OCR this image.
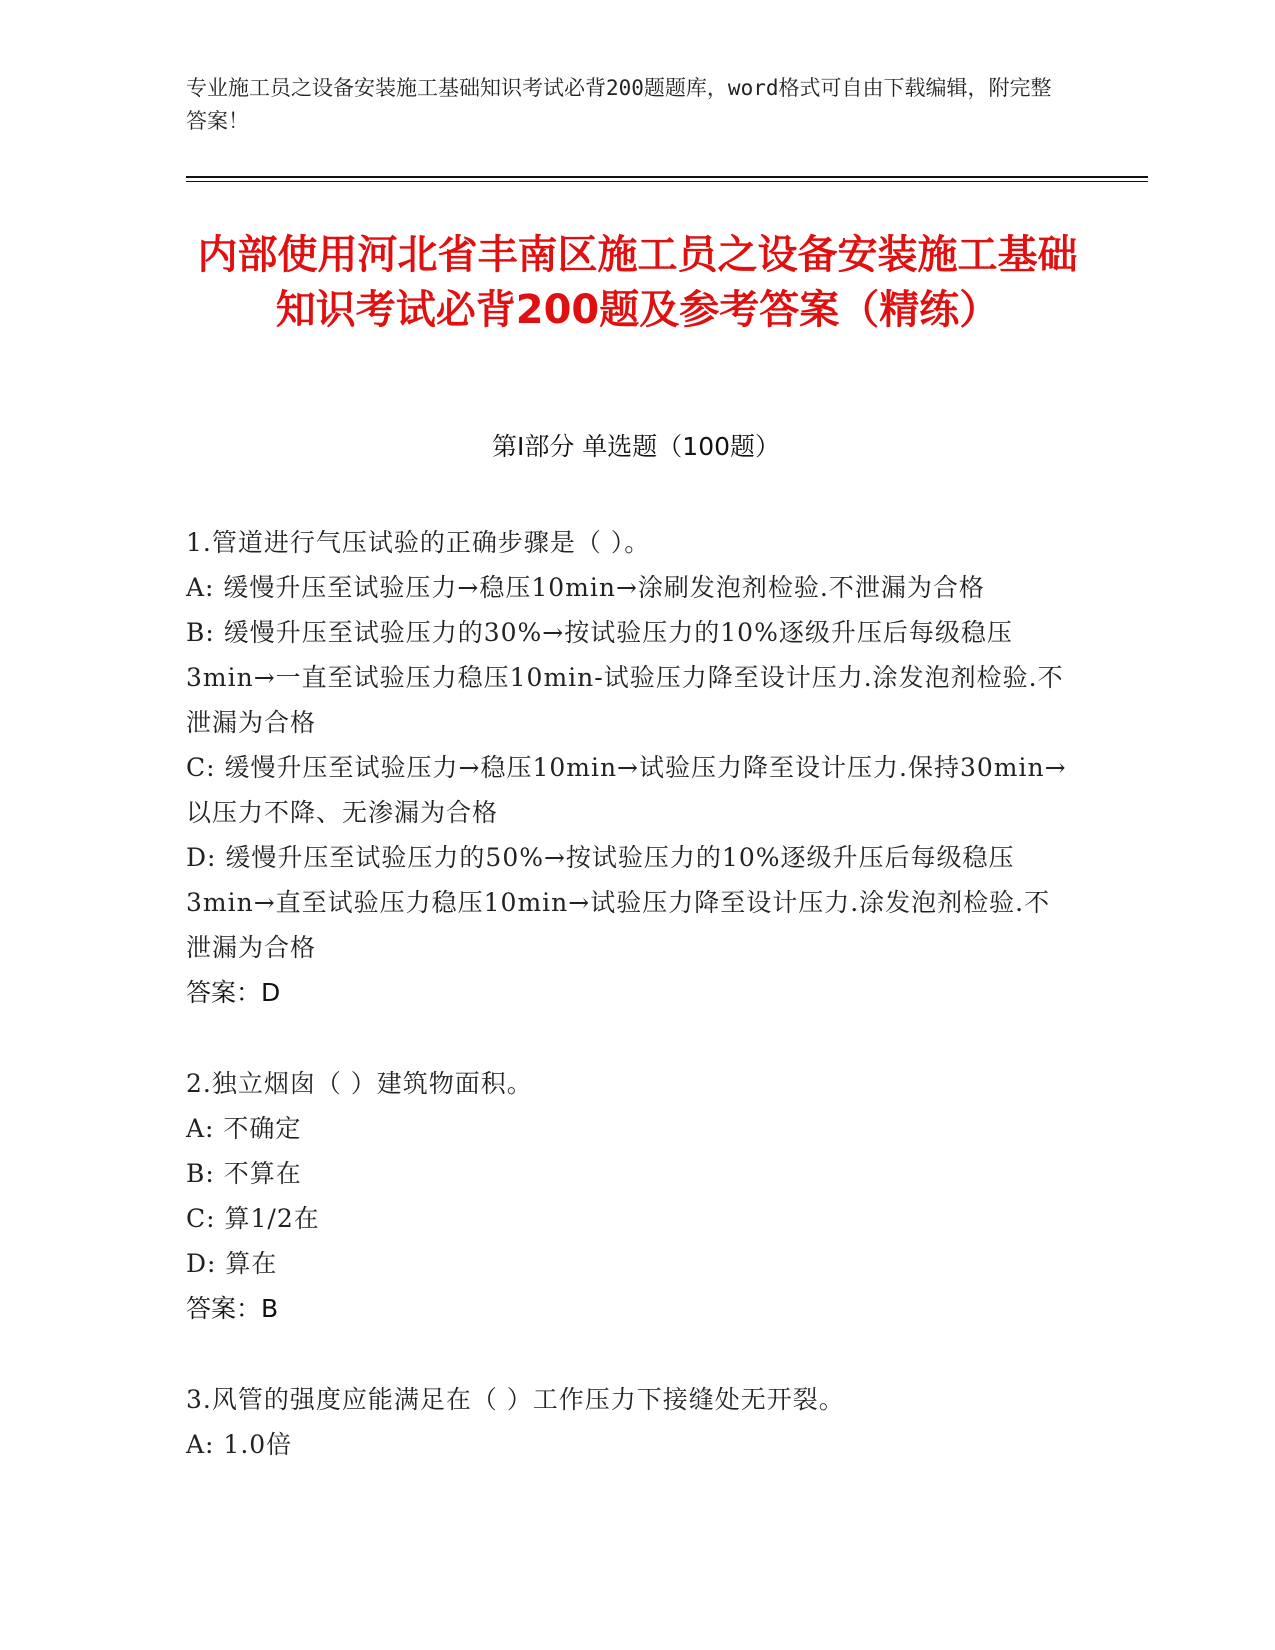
专业施工员之设备安装施工基础知识考试必背200题题库，word格式可自由下载编辑，附完整答案！
内部使用河北省丰南区施工员之设备安装施工基础知识考试必背200题及参考答案（精练）
第Ⅰ部分 单选题（100题）

1.管道进行气压试验的正确步骤是（ ）。

A: 缓慢升压至试验压力→稳压10min→涂刷发泡剂检验.不泄漏为合格

B: 缓慢升压至试验压力的30%→按试验压力的10%逐级升压后每级稳压3min→一直至试验压力稳压10min-试验压力降至设计压力.涂发泡剂检验.不泄漏为合格

C: 缓慢升压至试验压力→稳压10min→试验压力降至设计压力.保持30min→以压力不降、无渗漏为合格

D: 缓慢升压至试验压力的50%→按试验压力的10%逐级升压后每级稳压3min→直至试验压力稳压10min→试验压力降至设计压力.涂发泡剂检验.不泄漏为合格

答案：D

2.独立烟囱（ ）建筑物面积。

A: 不确定

B: 不算在

C: 算1/2在

D: 算在

答案：B

3.风管的强度应能满足在（ ）工作压力下接缝处无开裂。

A: 1.0倍
